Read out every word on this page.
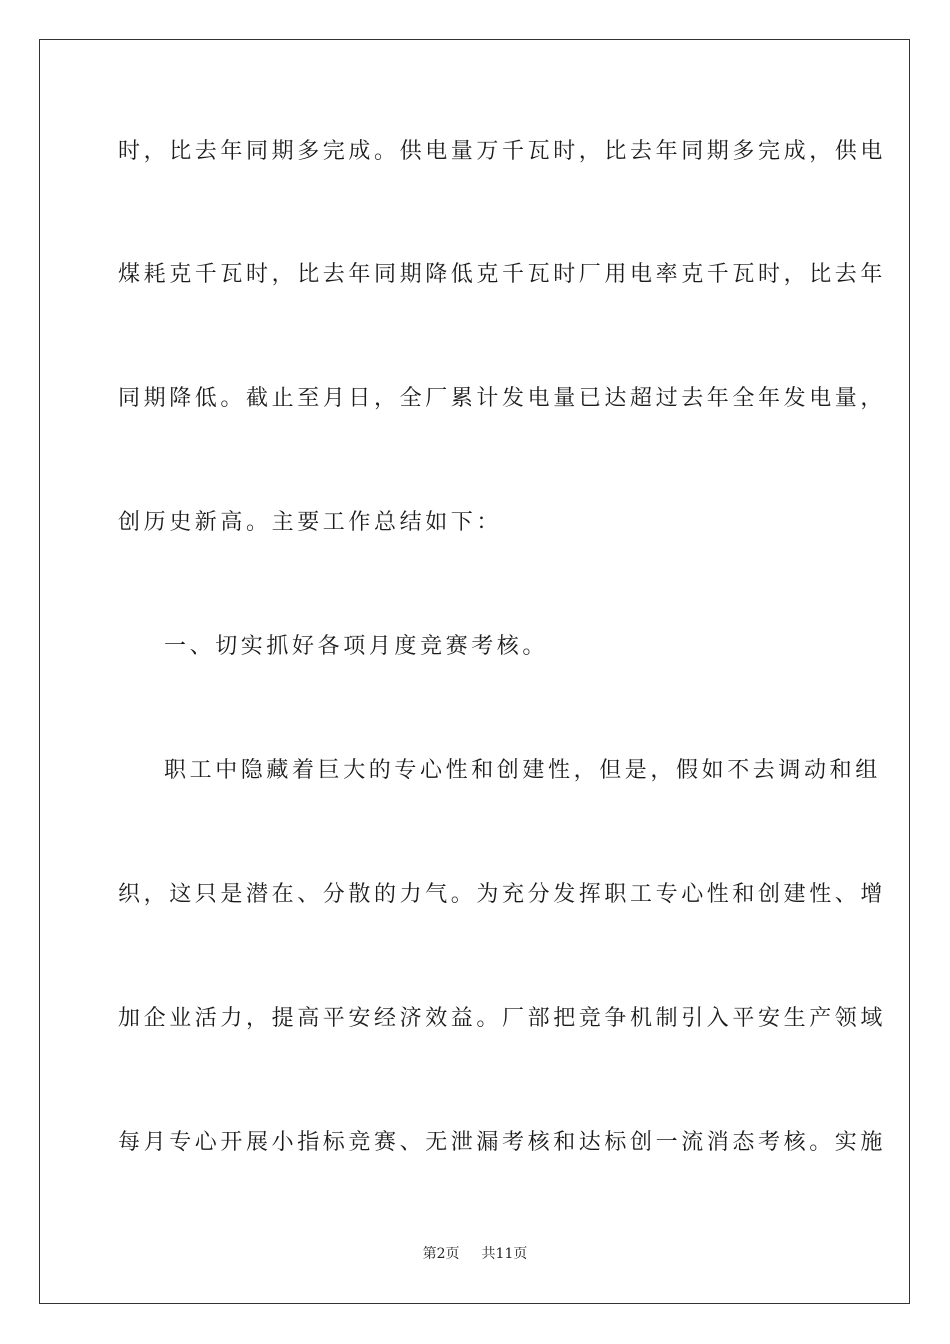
时，比去年同期多完成。供电量万千瓦时，比去年同期多完成，供电

煤耗克千瓦时，比去年同期降低克千瓦时厂用电率克千瓦时，比去年

同期降低。截止至月日，全厂累计发电量已达超过去年全年发电量，

创历史新高。主要工作总结如下：

一、切实抓好各项月度竞赛考核。

职工中隐藏着巨大的专心性和创建性，但是，假如不去调动和组

织，这只是潜在、分散的力气。为充分发挥职工专心性和创建性、增

加企业活力，提高平安经济效益。厂部把竞争机制引入平安生产领域

每月专心开展小指标竞赛、无泄漏考核和达标创一流消态考核。实施

第2页 共11页
